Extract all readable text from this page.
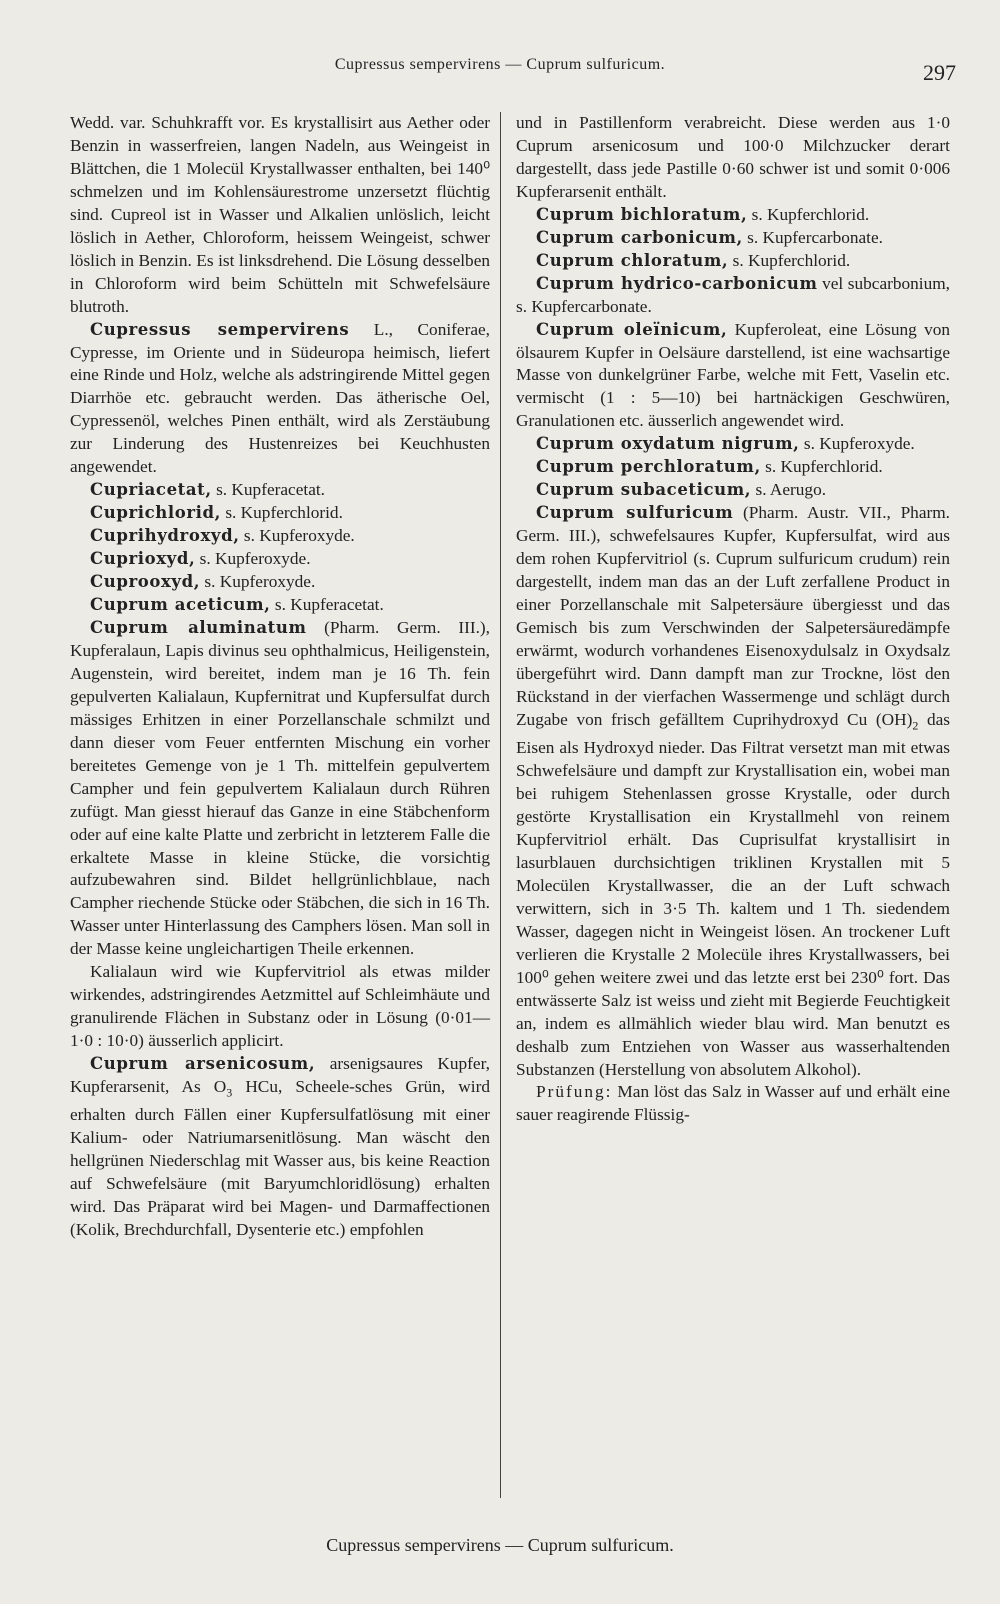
Cupressus sempervirens — Cuprum sulfuricum.	297

Wedd. var. Schuhkrafft vor. Es krystallisirt aus Aether oder Benzin in wasserfreien, langen Nadeln, aus Weingeist in Blättchen, die 1 Molecül Krystallwasser enthalten, bei 140⁰ schmelzen und im Kohlensäurestrome unzersetzt flüchtig sind. Cupreol ist in Wasser und Alkalien unlöslich, leicht löslich in Aether, Chloroform, heissem Weingeist, schwer löslich in Benzin. Es ist linksdrehend. Die Lösung desselben in Chloroform wird beim Schütteln mit Schwefelsäure blutroth.

Cupressus sempervirens L., Coniferae, Cypresse, im Oriente und in Südeuropa heimisch, liefert eine Rinde und Holz, welche als adstringirende Mittel gegen Diarrhöe etc. gebraucht werden. Das ätherische Oel, Cypressenöl, welches Pinen enthält, wird als Zerstäubung zur Linderung des Hustenreizes bei Keuchhusten angewendet.

Cupriacetat, s. Kupferacetat.

Cuprichlorid, s. Kupferchlorid.

Cuprihydroxyd, s. Kupferoxyde.

Cuprioxyd, s. Kupferoxyde.

Cuprooxyd, s. Kupferoxyde.

Cuprum aceticum, s. Kupferacetat.

Cuprum aluminatum (Pharm. Germ. III.), Kupferalaun, Lapis divinus seu ophthalmicus, Heiligenstein, Augenstein, wird bereitet, indem man je 16 Th. fein gepulverten Kalialaun, Kupfernitrat und Kupfersulfat durch mässiges Erhitzen in einer Porzellanschale schmilzt und dann dieser vom Feuer entfernten Mischung ein vorher bereitetes Gemenge von je 1 Th. mittelfein gepulvertem Campher und fein gepulvertem Kalialaun durch Rühren zufügt. Man giesst hierauf das Ganze in eine Stäbchenform oder auf eine kalte Platte und zerbricht in letzterem Falle die erkaltete Masse in kleine Stücke, die vorsichtig aufzubewahren sind. Bildet hellgrünlichblaue, nach Campher riechende Stücke oder Stäbchen, die sich in 16 Th. Wasser unter Hinterlassung des Camphers lösen. Man soll in der Masse keine ungleichartigen Theile erkennen.

Kalialaun wird wie Kupfervitriol als etwas milder wirkendes, adstringirendes Aetzmittel auf Schleimhäute und granulirende Flächen in Substanz oder in Lösung (0·01—1·0 : 10·0) äusserlich applicirt.

Cuprum arsenicosum, arsenigsaures Kupfer, Kupferarsenit, As $O_3$ HCu, Scheele-sches Grün, wird erhalten durch Fällen einer Kupfersulfatlösung mit einer Kalium- oder Natriumarsenitlösung. Man wäscht den hellgrünen Niederschlag mit Wasser aus, bis keine Reaction auf Schwefelsäure (mit Baryumchloridlösung) erhalten wird. Das Präparat wird bei Magen- und Darmaffectionen (Kolik, Brechdurchfall, Dysenterie etc.) empfohlen

und in Pastillenform verabreicht. Diese werden aus 1·0 Cuprum arsenicosum und 100·0 Milchzucker derart dargestellt, dass jede Pastille 0·60 schwer ist und somit 0·006 Kupferarsenit enthält.

Cuprum bichloratum, s. Kupferchlorid.

Cuprum carbonicum, s. Kupfercarbonate.

Cuprum chloratum, s. Kupferchlorid.

Cuprum hydrico-carbonicum vel subcarbonium, s. Kupfercarbonate.

Cuprum oleïnicum, Kupferoleat, eine Lösung von ölsaurem Kupfer in Oelsäure darstellend, ist eine wachsartige Masse von dunkelgrüner Farbe, welche mit Fett, Vaselin etc. vermischt (1 : 5—10) bei hartnäckigen Geschwüren, Granulationen etc. äusserlich angewendet wird.

Cuprum oxydatum nigrum, s. Kupferoxyde.

Cuprum perchloratum, s. Kupferchlorid.

Cuprum subaceticum, s. Aerugo.

Cuprum sulfuricum (Pharm. Austr. VII., Pharm. Germ. III.), schwefelsaures Kupfer, Kupfersulfat, wird aus dem rohen Kupfervitriol (s. Cuprum sulfuricum crudum) rein dargestellt, indem man das an der Luft zerfallene Product in einer Porzellanschale mit Salpetersäure übergiesst und das Gemisch bis zum Verschwinden der Salpetersäuredämpfe erwärmt, wodurch vorhandenes Eisenoxydulsalz in Oxydsalz übergeführt wird. Dann dampft man zur Trockne, löst den Rückstand in der vierfachen Wassermenge und schlägt durch Zugabe von frisch gefälltem Cuprihydroxyd Cu $(OH)_2$ das Eisen als Hydroxyd nieder. Das Filtrat versetzt man mit etwas Schwefelsäure und dampft zur Krystallisation ein, wobei man bei ruhigem Stehenlassen grosse Krystalle, oder durch gestörte Krystallisation ein Krystallmehl von reinem Kupfervitriol erhält. Das Cuprisulfat krystallisirt in lasurblauen durchsichtigen triklinen Krystallen mit 5 Molecülen Krystallwasser, die an der Luft schwach verwittern, sich in 3·5 Th. kaltem und 1 Th. siedendem Wasser, dagegen nicht in Weingeist lösen. An trockener Luft verlieren die Krystalle 2 Molecüle ihres Krystallwassers, bei 100⁰ gehen weitere zwei und das letzte erst bei 230⁰ fort. Das entwässerte Salz ist weiss und zieht mit Begierde Feuchtigkeit an, indem es allmählich wieder blau wird. Man benutzt es deshalb zum Entziehen von Wasser aus wasserhaltenden Substanzen (Herstellung von absolutem Alkohol).

Prüfung: Man löst das Salz in Wasser auf und erhält eine sauer reagirende Flüssig-

Cupressus sempervirens — Cuprum sulfuricum.
